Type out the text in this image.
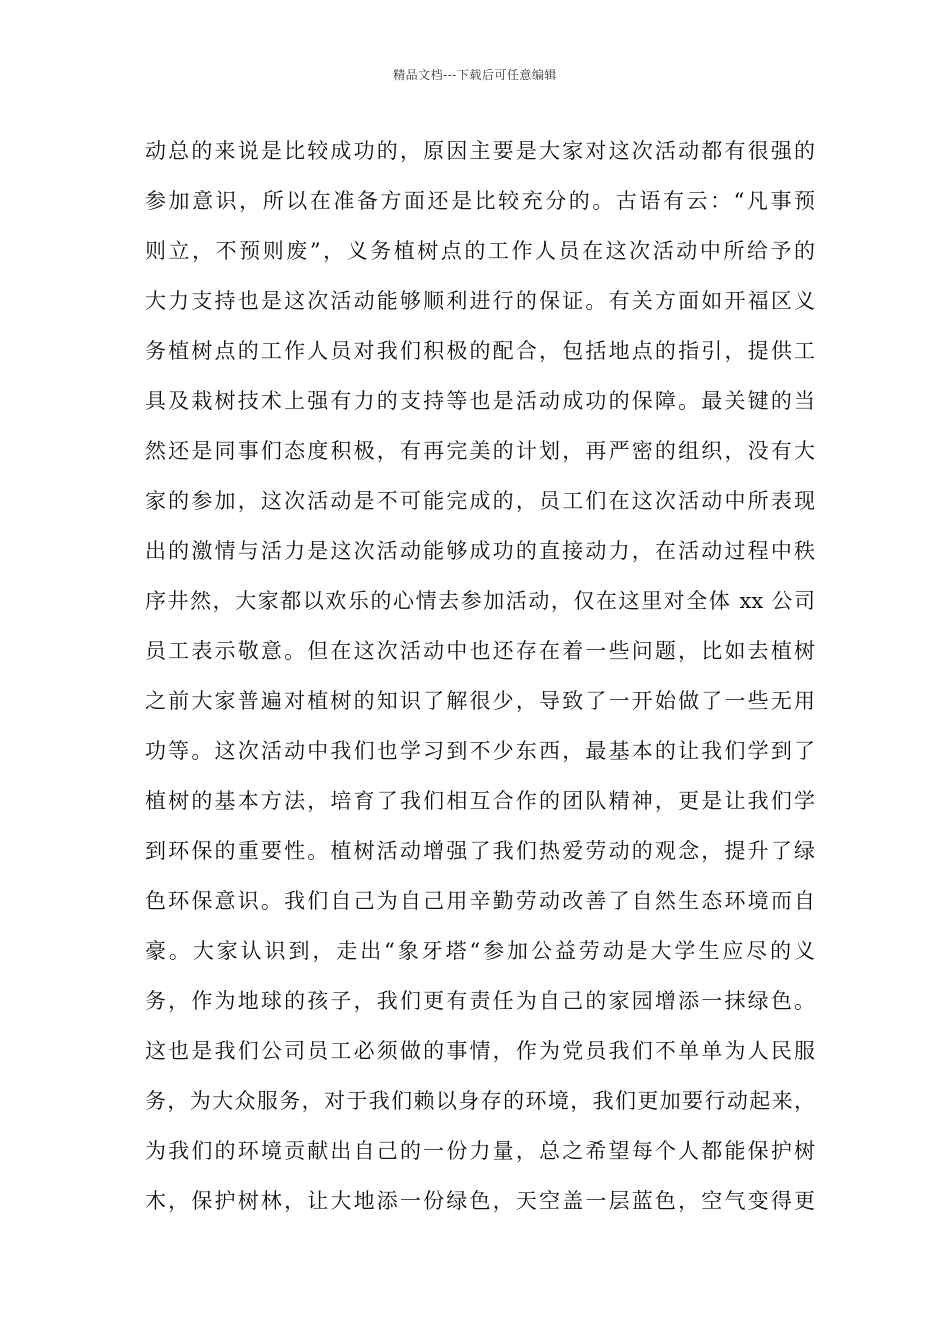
精品文档---下载后可任意编辑
动总的来说是比较成功的，原因主要是大家对这次活动都有很强的
参加意识，所以在准备方面还是比较充分的。古语有云：“凡事预
则立，不预则废”，义务植树点的工作人员在这次活动中所给予的
大力支持也是这次活动能够顺利进行的保证。有关方面如开福区义
务植树点的工作人员对我们积极的配合，包括地点的指引，提供工
具及栽树技术上强有力的支持等也是活动成功的保障。最关键的当
然还是同事们态度积极，有再完美的计划，再严密的组织，没有大
家的参加，这次活动是不可能完成的，员工们在这次活动中所表现
出的激情与活力是这次活动能够成功的直接动力，在活动过程中秩
序井然，大家都以欢乐的心情去参加活动，仅在这里对全体 xx 公司
员工表示敬意。但在这次活动中也还存在着一些问题，比如去植树
之前大家普遍对植树的知识了解很少，导致了一开始做了一些无用
功等。这次活动中我们也学习到不少东西，最基本的让我们学到了
植树的基本方法，培育了我们相互合作的团队精神，更是让我们学
到环保的重要性。植树活动增强了我们热爱劳动的观念，提升了绿
色环保意识。我们自己为自己用辛勤劳动改善了自然生态环境而自
豪。大家认识到，走出“象牙塔“参加公益劳动是大学生应尽的义
务，作为地球的孩子，我们更有责任为自己的家园增添一抹绿色。
这也是我们公司员工必须做的事情，作为党员我们不单单为人民服
务，为大众服务，对于我们赖以身存的环境，我们更加要行动起来，
为我们的环境贡献出自己的一份力量，总之希望每个人都能保护树
木，保护树林，让大地添一份绿色，天空盖一层蓝色，空气变得更
